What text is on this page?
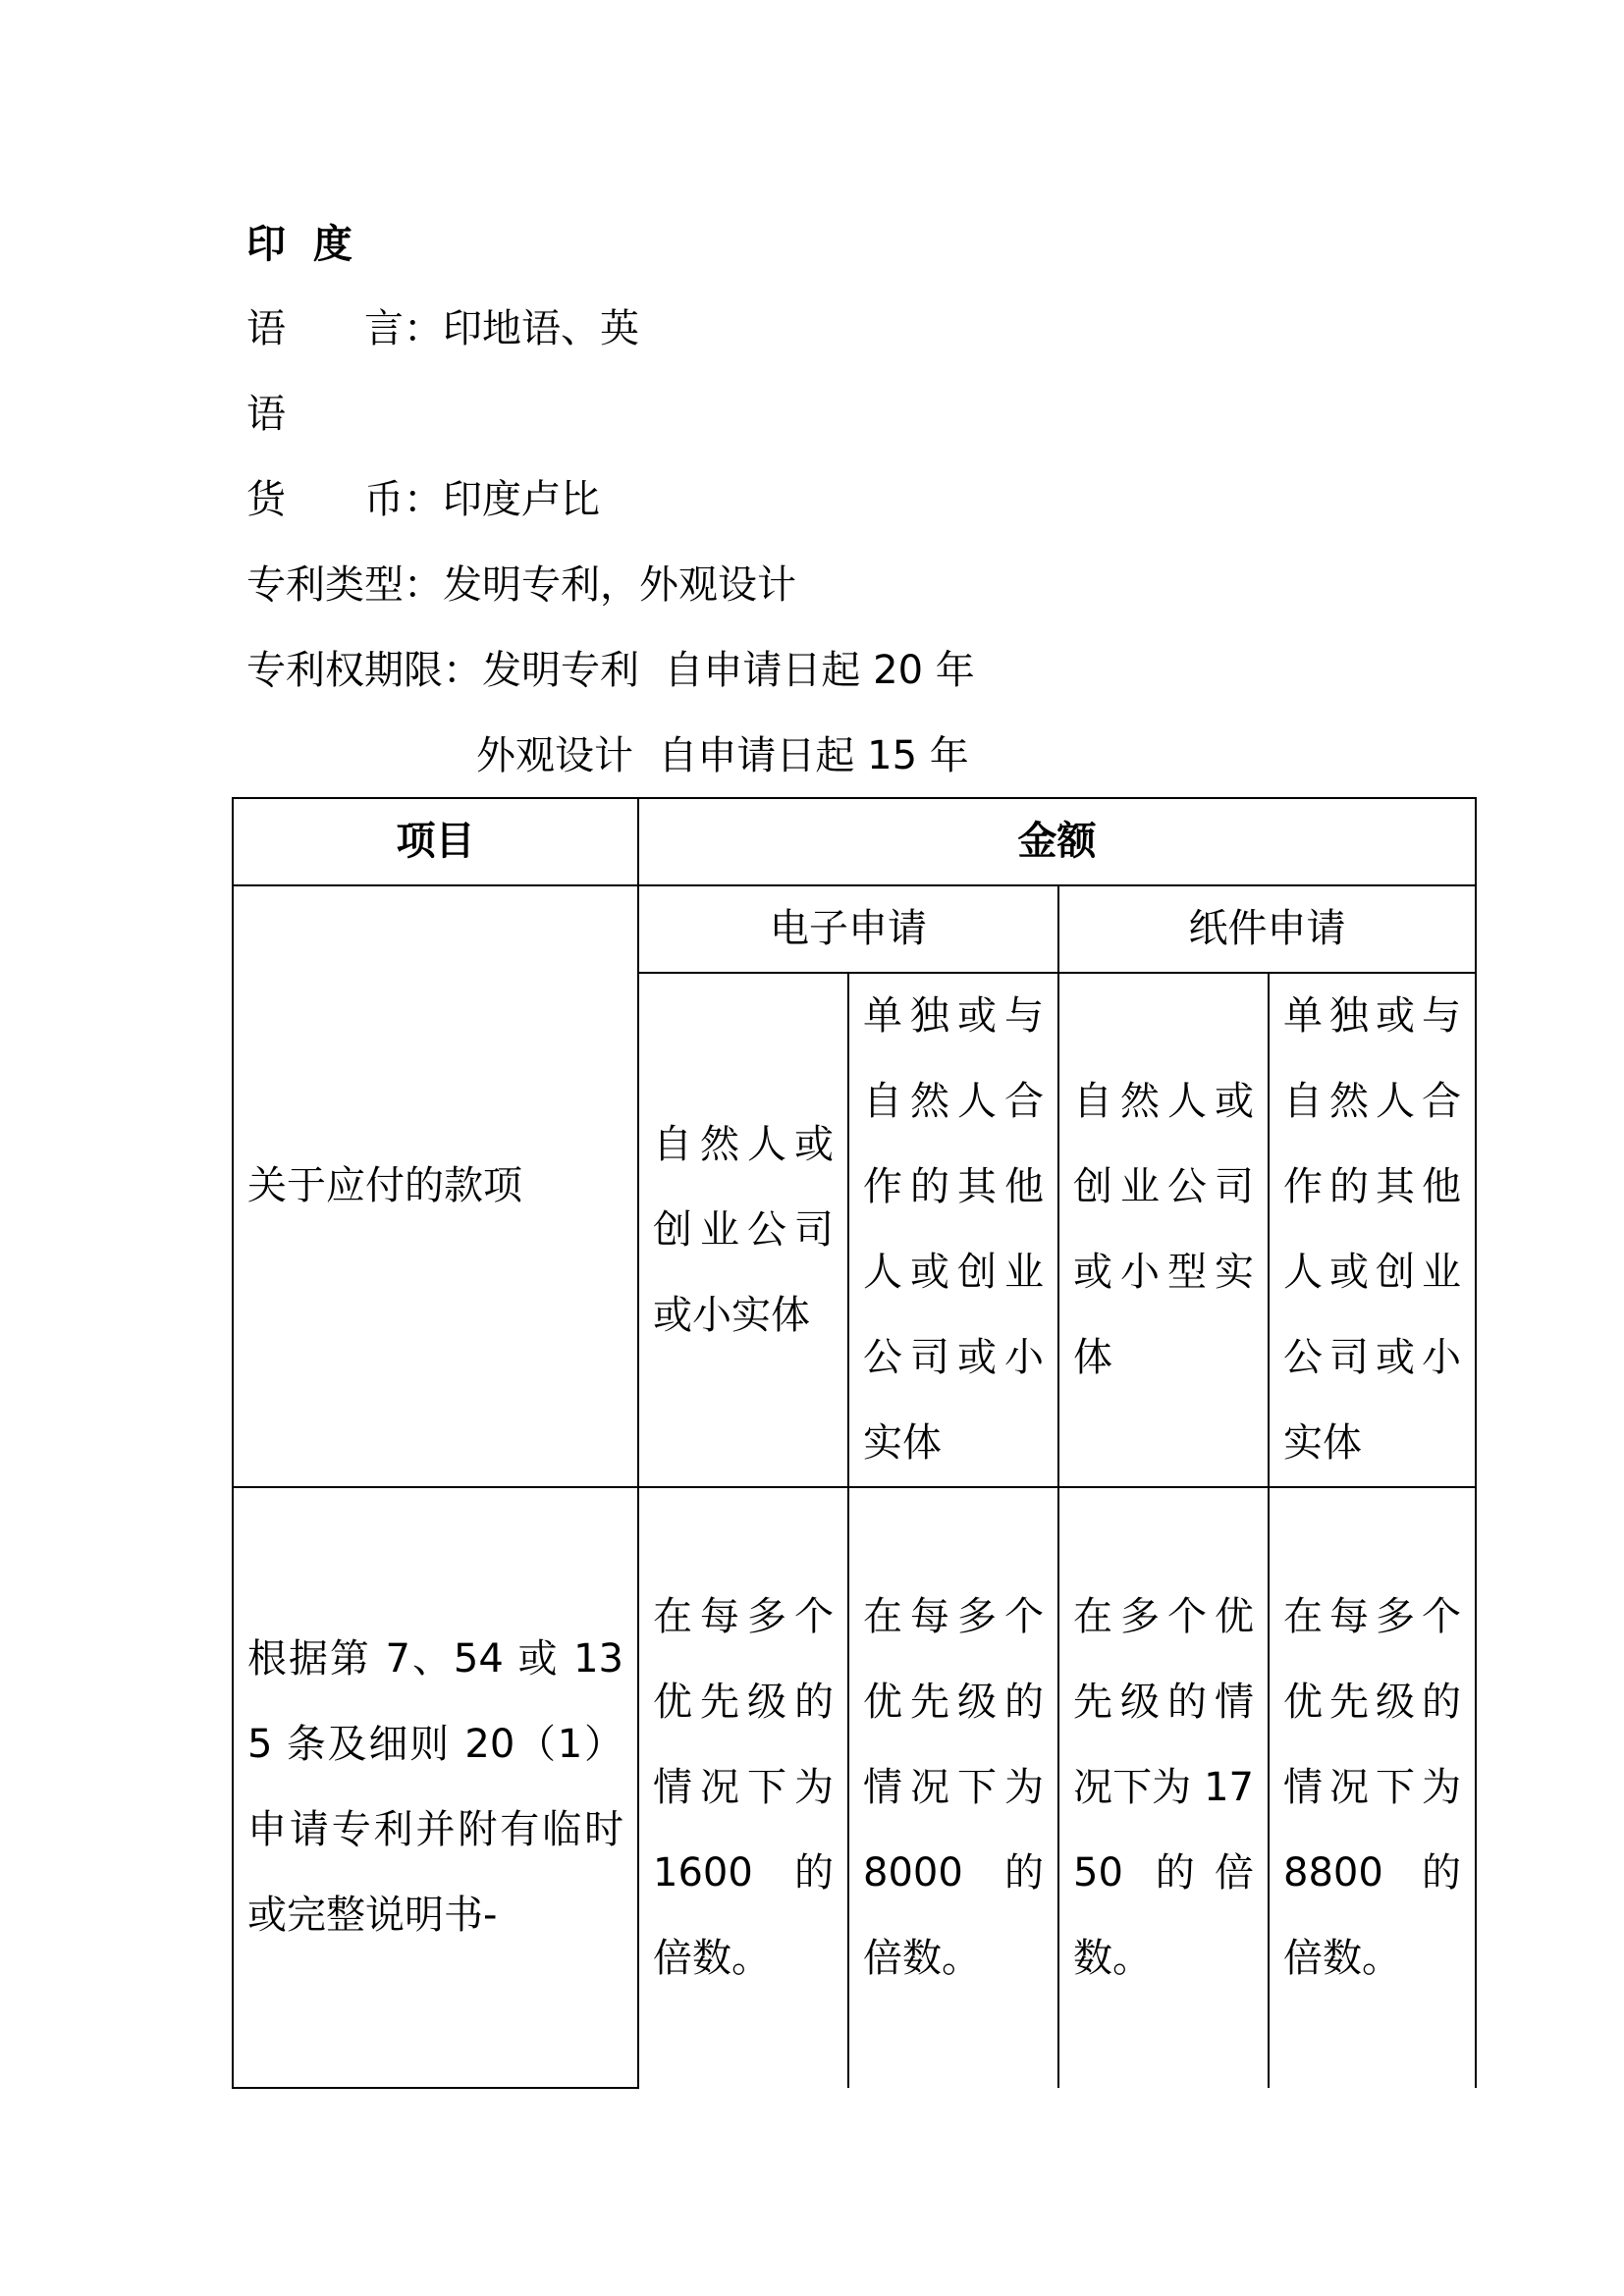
印  度
语　　言：印地语、英
语
货　　币：印度卢比
专利类型：发明专利，外观设计
专利权期限：发明专利  自申请日起 20 年
外观设计  自申请日起 15 年
项目	金额			
关于应付的款项	电子申请		纸件申请	
	自然人或创业公司或小实体	单独或与自然人合作的其他人或创业公司或小实体	自然人或创业公司或小型实体	单独或与自然人合作的其他人或创业公司或小实体
根据第 7、54 或 135 条及细则 20（1）申请专利并附有临时或完整说明书-	在每多个优先级的情况下为 1600 的倍数。	在每多个优先级的情况下为 8000 的倍数。	在多个优先级的情况下为 1750 的倍数。	在每多个优先级的情况下为 8800 的倍数。
